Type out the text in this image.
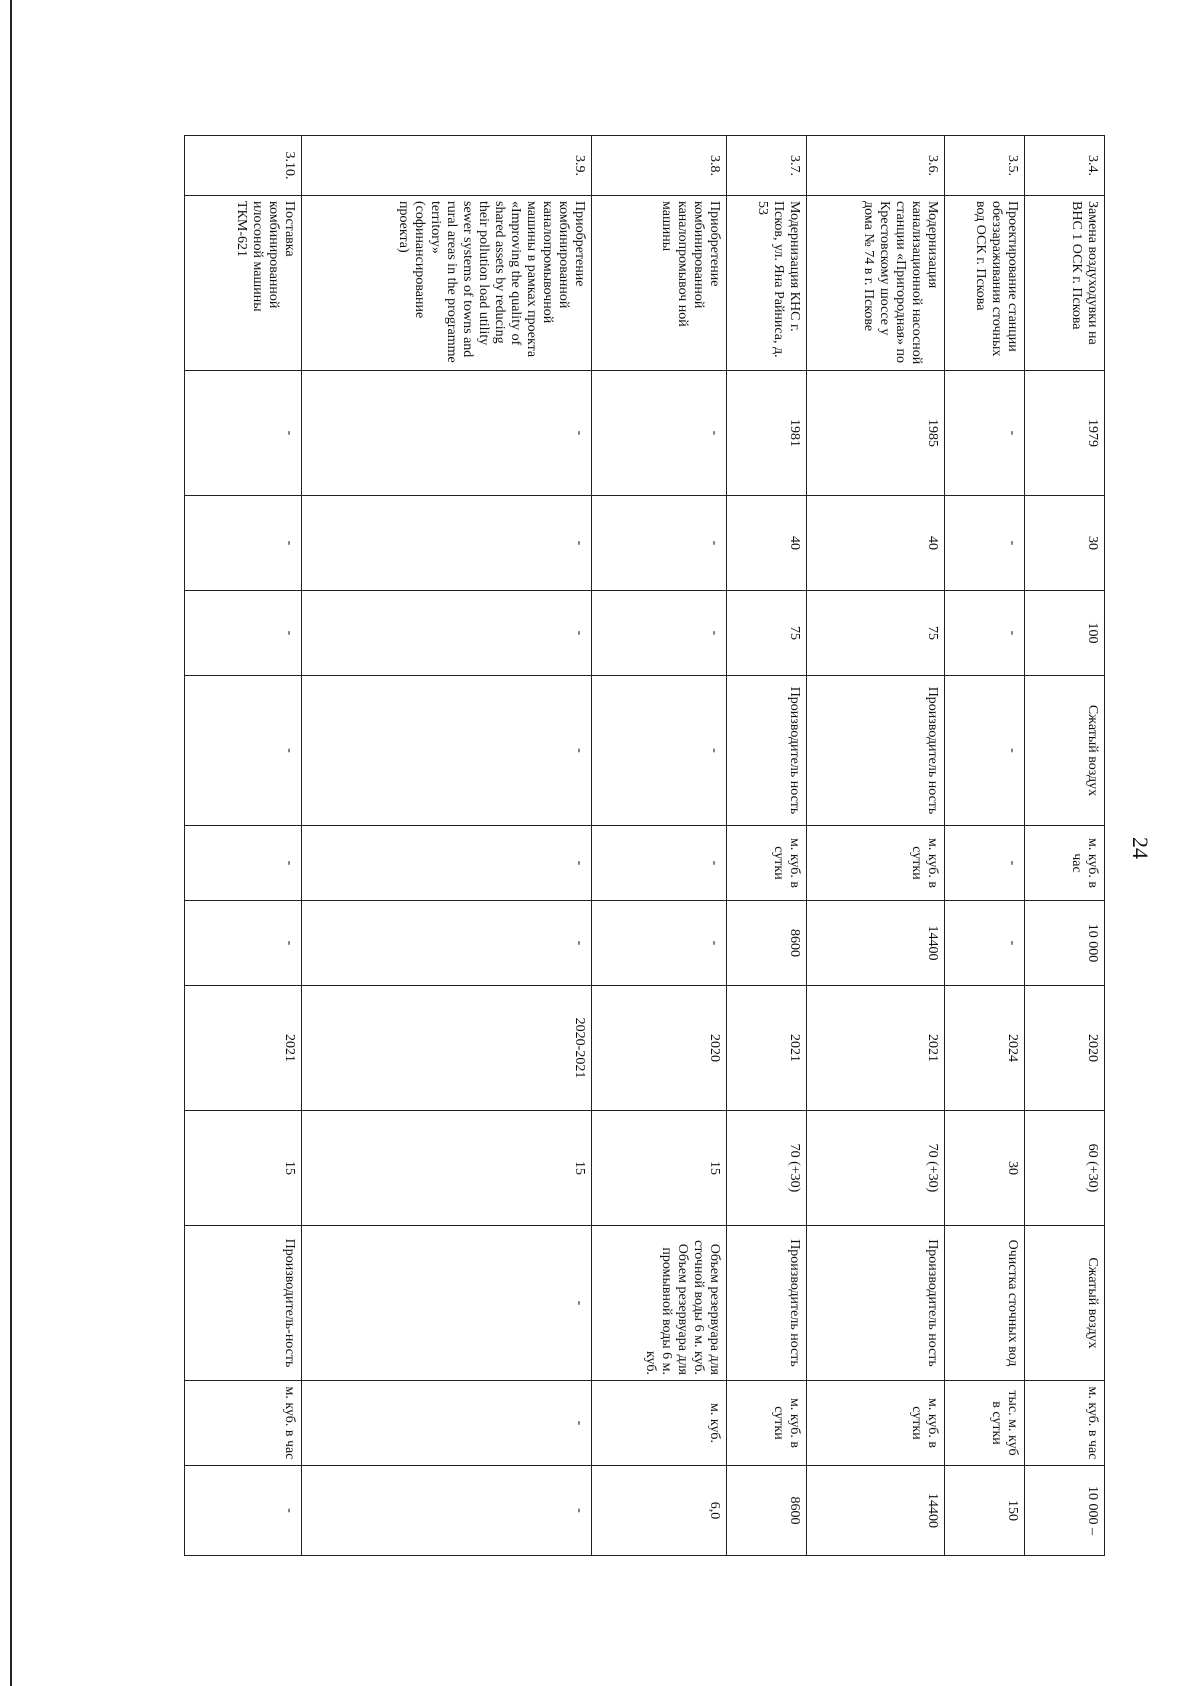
24
3.4.	Замена воздуходувки на ВНС 1 ОСК г. Пскова	1979	30	100	Сжатый воздух	м. куб. в час	10 000	2020	60 (+30)	Сжатый воздух	м. куб. в час	10 000 –
3.5.	Проектирование станции обеззараживания сточных вод ОСК г. Пскова	-	-	-	-	-	-	2024	30	Очистка сточных вод	тыс. м. куб в сутки	150
3.6.	Модернизация канализационной насосной станции «Пригородная» по Крестовскому шоссе у дома № 74 в г. Пскове	1985	40	75	Производитель ность	м. куб. в сутки	14400	2021	70 (+30)	Производитель ность	м. куб. в сутки	14400
3.7.	Модернизация КНС г. Псков, ул. Яна Райниса, д. 53	1981	40	75	Производитель ность	м. куб. в сутки	8600	2021	70 (+30)	Производитель ность	м. куб. в сутки	8600
3.8.	Приобретение комбинированной каналопромывоч ной машины	-	-	-	-	-	-	2020	15	Объем резервуара для сточной воды 6 м. куб. Объем резервуара для промывной воды 6 м. куб.	м. куб.	6,0
3.9.	Приобретение комбинированной каналопромывочной машины в рамках проекта «Improving the quality of shared assets by reducing their pollution load utility sewer systems of towns and rural areas in the programme territory» (софинансирование проекта)	-	-	-	-	-	-	2020-2021	15	-	-	-
3.10.	Поставка комбинированной илосоной машины ТКМ-621	-	-	-	-	-	-	2021	15	Производитель-ность	м. куб. в час	-
